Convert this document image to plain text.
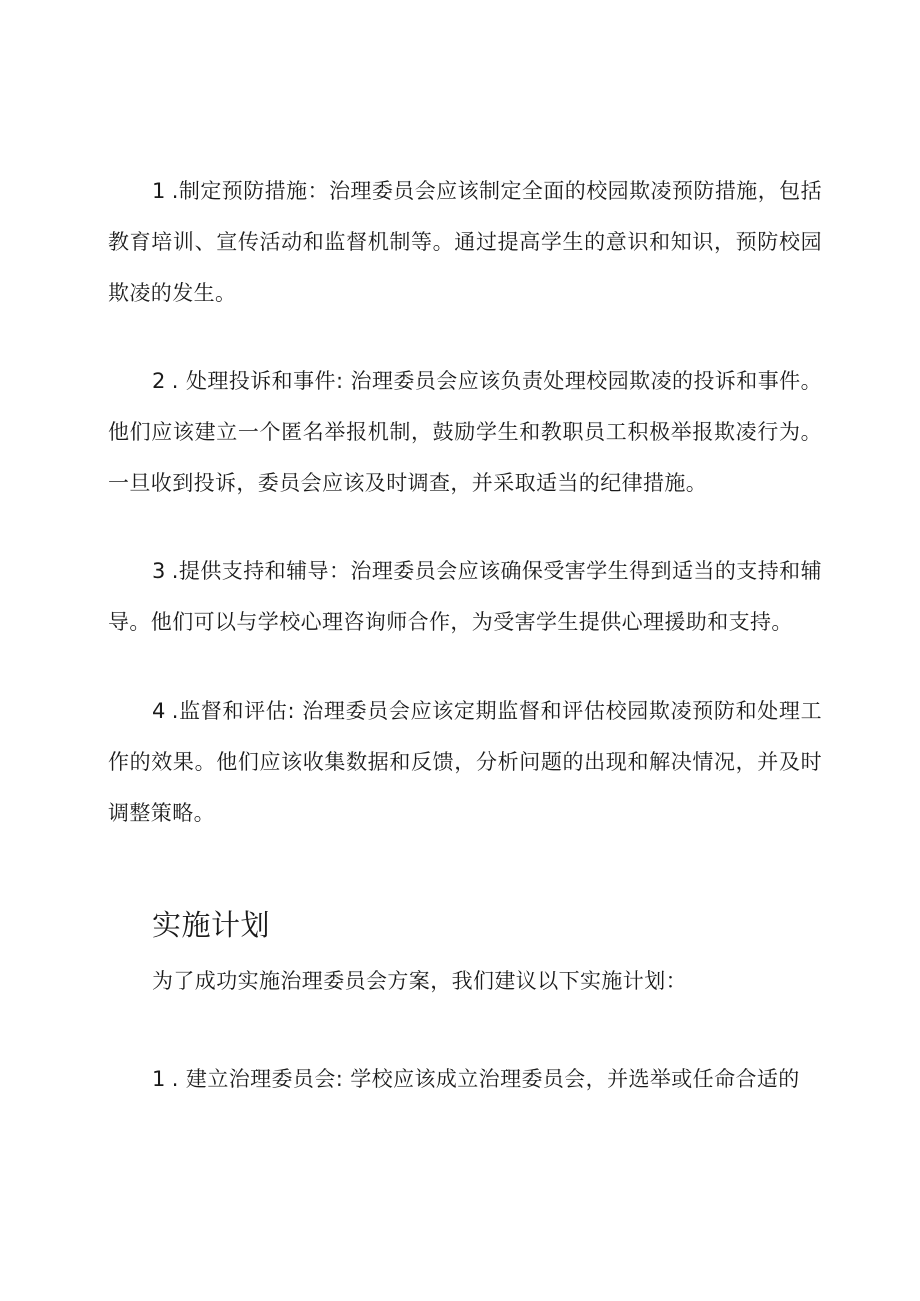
1 .制定预防措施：治理委员会应该制定全面的校园欺凌预防措施，包括教育培训、宣传活动和监督机制等。通过提高学生的意识和知识，预防校园欺凌的发生。

2 . 处理投诉和事件: 治理委员会应该负责处理校园欺凌的投诉和事件。他们应该建立一个匿名举报机制，鼓励学生和教职员工积极举报欺凌行为。一旦收到投诉，委员会应该及时调查，并采取适当的纪律措施。

3 .提供支持和辅导：治理委员会应该确保受害学生得到适当的支持和辅导。他们可以与学校心理咨询师合作，为受害学生提供心理援助和支持。

4 .监督和评估: 治理委员会应该定期监督和评估校园欺凌预防和处理工作的效果。他们应该收集数据和反馈，分析问题的出现和解决情况，并及时调整策略。

实施计划

为了成功实施治理委员会方案，我们建议以下实施计划：

1 . 建立治理委员会: 学校应该成立治理委员会，并选举或任命合适的
